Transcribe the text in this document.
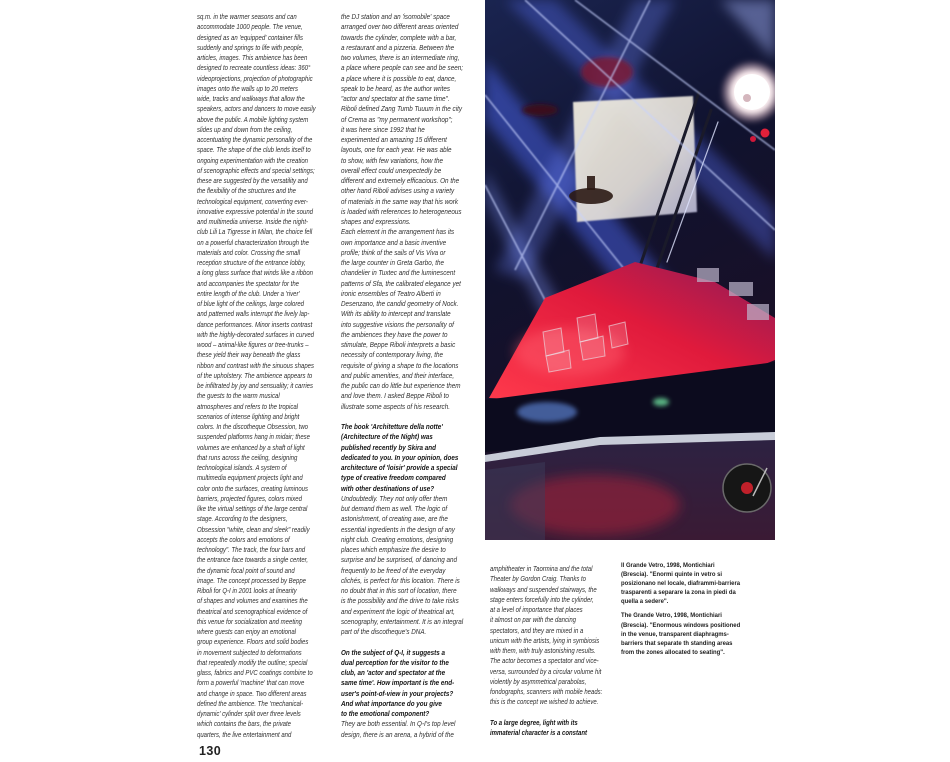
sq.m. in the warmer seasons and can
accommodate 1000 people. The venue,
designed as an 'equipped' container fills
suddenly and springs to life with people,
articles, images. This ambience has been
designed to recreate countless ideas: 360°
videoprojections, projection of photographic
images onto the walls up to 20 meters
wide, tracks and walkways that allow the
speakers, actors and dancers to move easily
above the public. A mobile lighting system
slides up and down from the ceiling,
accentuating the dynamic personality of the
space. The shape of the club lends itself to
ongoing experimentation with the creation
of scenographic effects and special settings;
these are suggested by the versatility and
the flexibility of the structures and the
technological equipment, converting ever-
innovative expressive potential in the sound
and multimedia universe. Inside the night-
club Lili La Tigresse in Milan, the choice fell
on a powerful characterization through the
materials and color. Crossing the small
reception structure of the entrance lobby,
a long glass surface that winds like a ribbon
and accompanies the spectator for the
entire length of the club. Under a 'river'
of blue light of the ceilings, large colored
and patterned walls interrupt the lively lap-
dance performances. Minor inserts contrast
with the highly-decorated surfaces in curved
wood – animal-like figures or tree-trunks –
these yield their way beneath the glass
ribbon and contrast with the sinuous shapes
of the upholstery. The ambience appears to
be infiltrated by joy and sensuality; it carries
the guests to the warm musical
atmospheres and refers to the tropical
scenarios of intense lighting and bright
colors. In the discotheque Obsession, two
suspended platforms hang in midair; these
volumes are enhanced by a shaft of light
that runs across the ceiling, designing
technological islands. A system of
multimedia equipment projects light and
color onto the surfaces, creating luminous
barriers, projected figures, colors mixed
like the virtual settings of the large central
stage. According to the designers,
Obsession "white, clean and sleek" readily
accepts the colors and emotions of
technology". The track, the four bars and
the entrance face towards a single center,
the dynamic focal point of sound and
image. The concept processed by Beppe
Riboli for Q-I in 2001 looks at linearity
of shapes and volumes and examines the
theatrical and scenographical evidence of
this venue for socialization and meeting
where guests can enjoy an emotional
group experience. Floors and solid bodies
in movement subjected to deformations
that repeatedly modify the outline; special
glass, fabrics and PVC coatings combine to
form a powerful 'machine' that can move
and change in space. Two different areas
defined the ambience. The 'mechanical-
dynamic' cylinder split over three levels
which contains the bars, the private
quarters, the live entertainment and
the DJ station and an 'isomobile' space
arranged over two different areas oriented
towards the cylinder, complete with a bar,
a restaurant and a pizzeria. Between the
two volumes, there is an intermediate ring,
a place where people can see and be seen;
a place where it is possible to eat, dance,
speak to be heard, as the author writes
"actor and spectator at the same time".
Riboli defined Zang Tumb Tuuum in the city
of Crema as "my permanent workshop";
it was here since 1992 that he
experimented an amazing 15 different
layouts, one for each year. He was able
to show, with few variations, how the
overall effect could unexpectedly be
different and extremely efficacious. On the
other hand Riboli advises using a variety
of materials in the same way that his work
is loaded with references to heterogeneous
shapes and expressions.
Each element in the arrangement has its
own importance and a basic inventive
profile; think of the sails of Vis Viva or
the large counter in Greta Garbo, the
chandelier in Tuxtec and the luminescent
patterns of Sfa, the calibrated elegance yet
ironic ensembles of Teatro Alberti in
Desenzano, the candid geometry of Nock.
With its ability to intercept and translate
into suggestive visions the personality of
the ambiences they have the power to
stimulate, Beppe Riboli interprets a basic
necessity of contemporary living, the
requisite of giving a shape to the locations
and public amenities, and their interface,
the public can do little but experience them
and love them. I asked Beppe Riboli to
illustrate some aspects of his research.
The book 'Architetture della notte'
(Architecture of the Night) was
published recently by Skira and
dedicated to you. In your opinion, does
architecture of 'loisir' provide a special
type of creative freedom compared
with other destinations of use?
Undoubtedly. They not only offer them
but demand them as well. The logic of
astonishment, of creating awe, are the
essential ingredients in the design of any
night club. Creating emotions, designing
places which emphasize the desire to
surprise and be surprised, of dancing and
frequently to be freed of the everyday
clichés, is perfect for this location. There is
no doubt that in this sort of location, there
is the possibility and the drive to take risks
and experiment the logic of theatrical art,
scenography, entertainment. It is an integral
part of the discotheque's DNA.
On the subject of Q-I, it suggests a
dual perception for the visitor to the
club, an 'actor and spectator at the
same time'. How important is the end-
user's point-of-view in your projects?
And what importance do you give
to the emotional component?
They are both essential. In Q-I's top level
design, there is an arena, a hybrid of the
amphitheater in Taormina and the total
Theater by Gordon Craig. Thanks to
walkways and suspended stairways, the
stage enters forcefully into the cylinder,
at a level of importance that places
it almost on par with the dancing
spectators, and they are mixed in a
unicum with the artists, lying in symbiosis
with them, with truly astonishing results.
The actor becomes a spectator and vice-
versa, surrounded by a circular volume hit
violently by asymmetrical parabolas,
fondographs, scanners with mobile heads:
this is the concept we wished to achieve.
To a large degree, light with its
immaterial character is a constant
Il Grande Vetro, 1998, Montichiari
(Brescia). "Enormi quinte in vetro si
posizionano nel locale, diaframmi-barriera
trasparenti a separare la zona in piedi da
quella a sedere".
The Grande Vetro, 1998, Montichiari
(Brescia). "Enormous windows positioned
in the venue, transparent diaphragms-
barriers that separate th standing areas
from the zones allocated to seating".
130
